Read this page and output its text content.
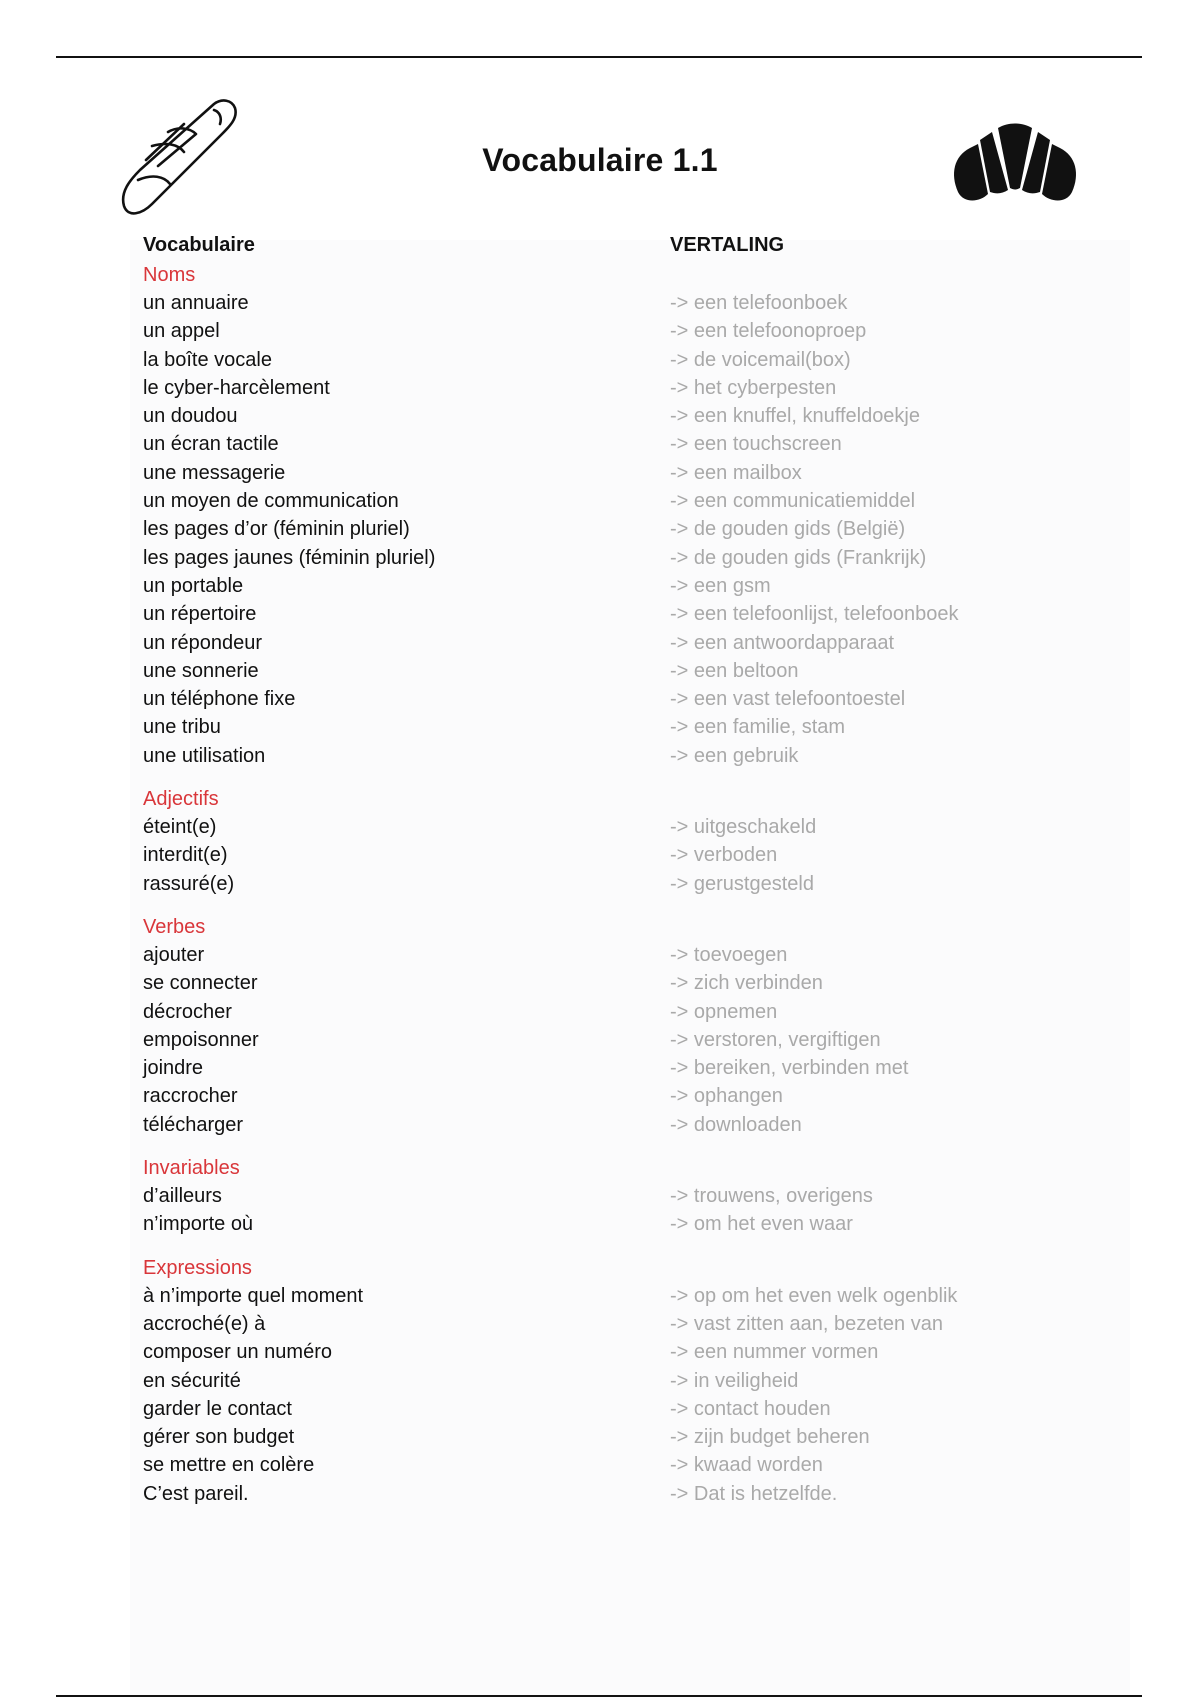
Vocabulaire 1.1
Vocabulaire	VERTALING
Noms
un annuaire	-> een telefoonboek
un appel	-> een telefoonoproep
la boîte vocale	-> de voicemail(box)
le cyber-harcèlement	-> het cyberpesten
un doudou	-> een knuffel, knuffeldoekje
un écran tactile	-> een touchscreen
une messagerie	-> een mailbox
un moyen de communication	-> een communicatiemiddel
les pages d’or (féminin pluriel)	-> de gouden gids (België)
les pages jaunes (féminin pluriel)	-> de gouden gids (Frankrijk)
un portable	-> een gsm
un répertoire	-> een telefoonlijst, telefoonboek
un répondeur	-> een antwoordapparaat
une sonnerie	-> een beltoon
un téléphone fixe	-> een vast telefoontoestel
une tribu	-> een familie, stam
une utilisation	-> een gebruik
Adjectifs
éteint(e)	-> uitgeschakeld
interdit(e)	-> verboden
rassuré(e)	-> gerustgesteld
Verbes
ajouter	-> toevoegen
se connecter	-> zich verbinden
décrocher	-> opnemen
empoisonner	-> verstoren, vergiftigen
joindre	-> bereiken, verbinden met
raccrocher	-> ophangen
télécharger	-> downloaden
Invariables
d’ailleurs	-> trouwens, overigens
n’importe où	-> om het even waar
Expressions
à n’importe quel moment	-> op om het even welk ogenblik
accroché(e) à	-> vast zitten aan, bezeten van
composer un numéro	-> een nummer vormen
en sécurité	-> in veiligheid
garder le contact	-> contact houden
gérer son budget	-> zijn budget beheren
se mettre en colère	-> kwaad worden
C’est pareil.	-> Dat is hetzelfde.
